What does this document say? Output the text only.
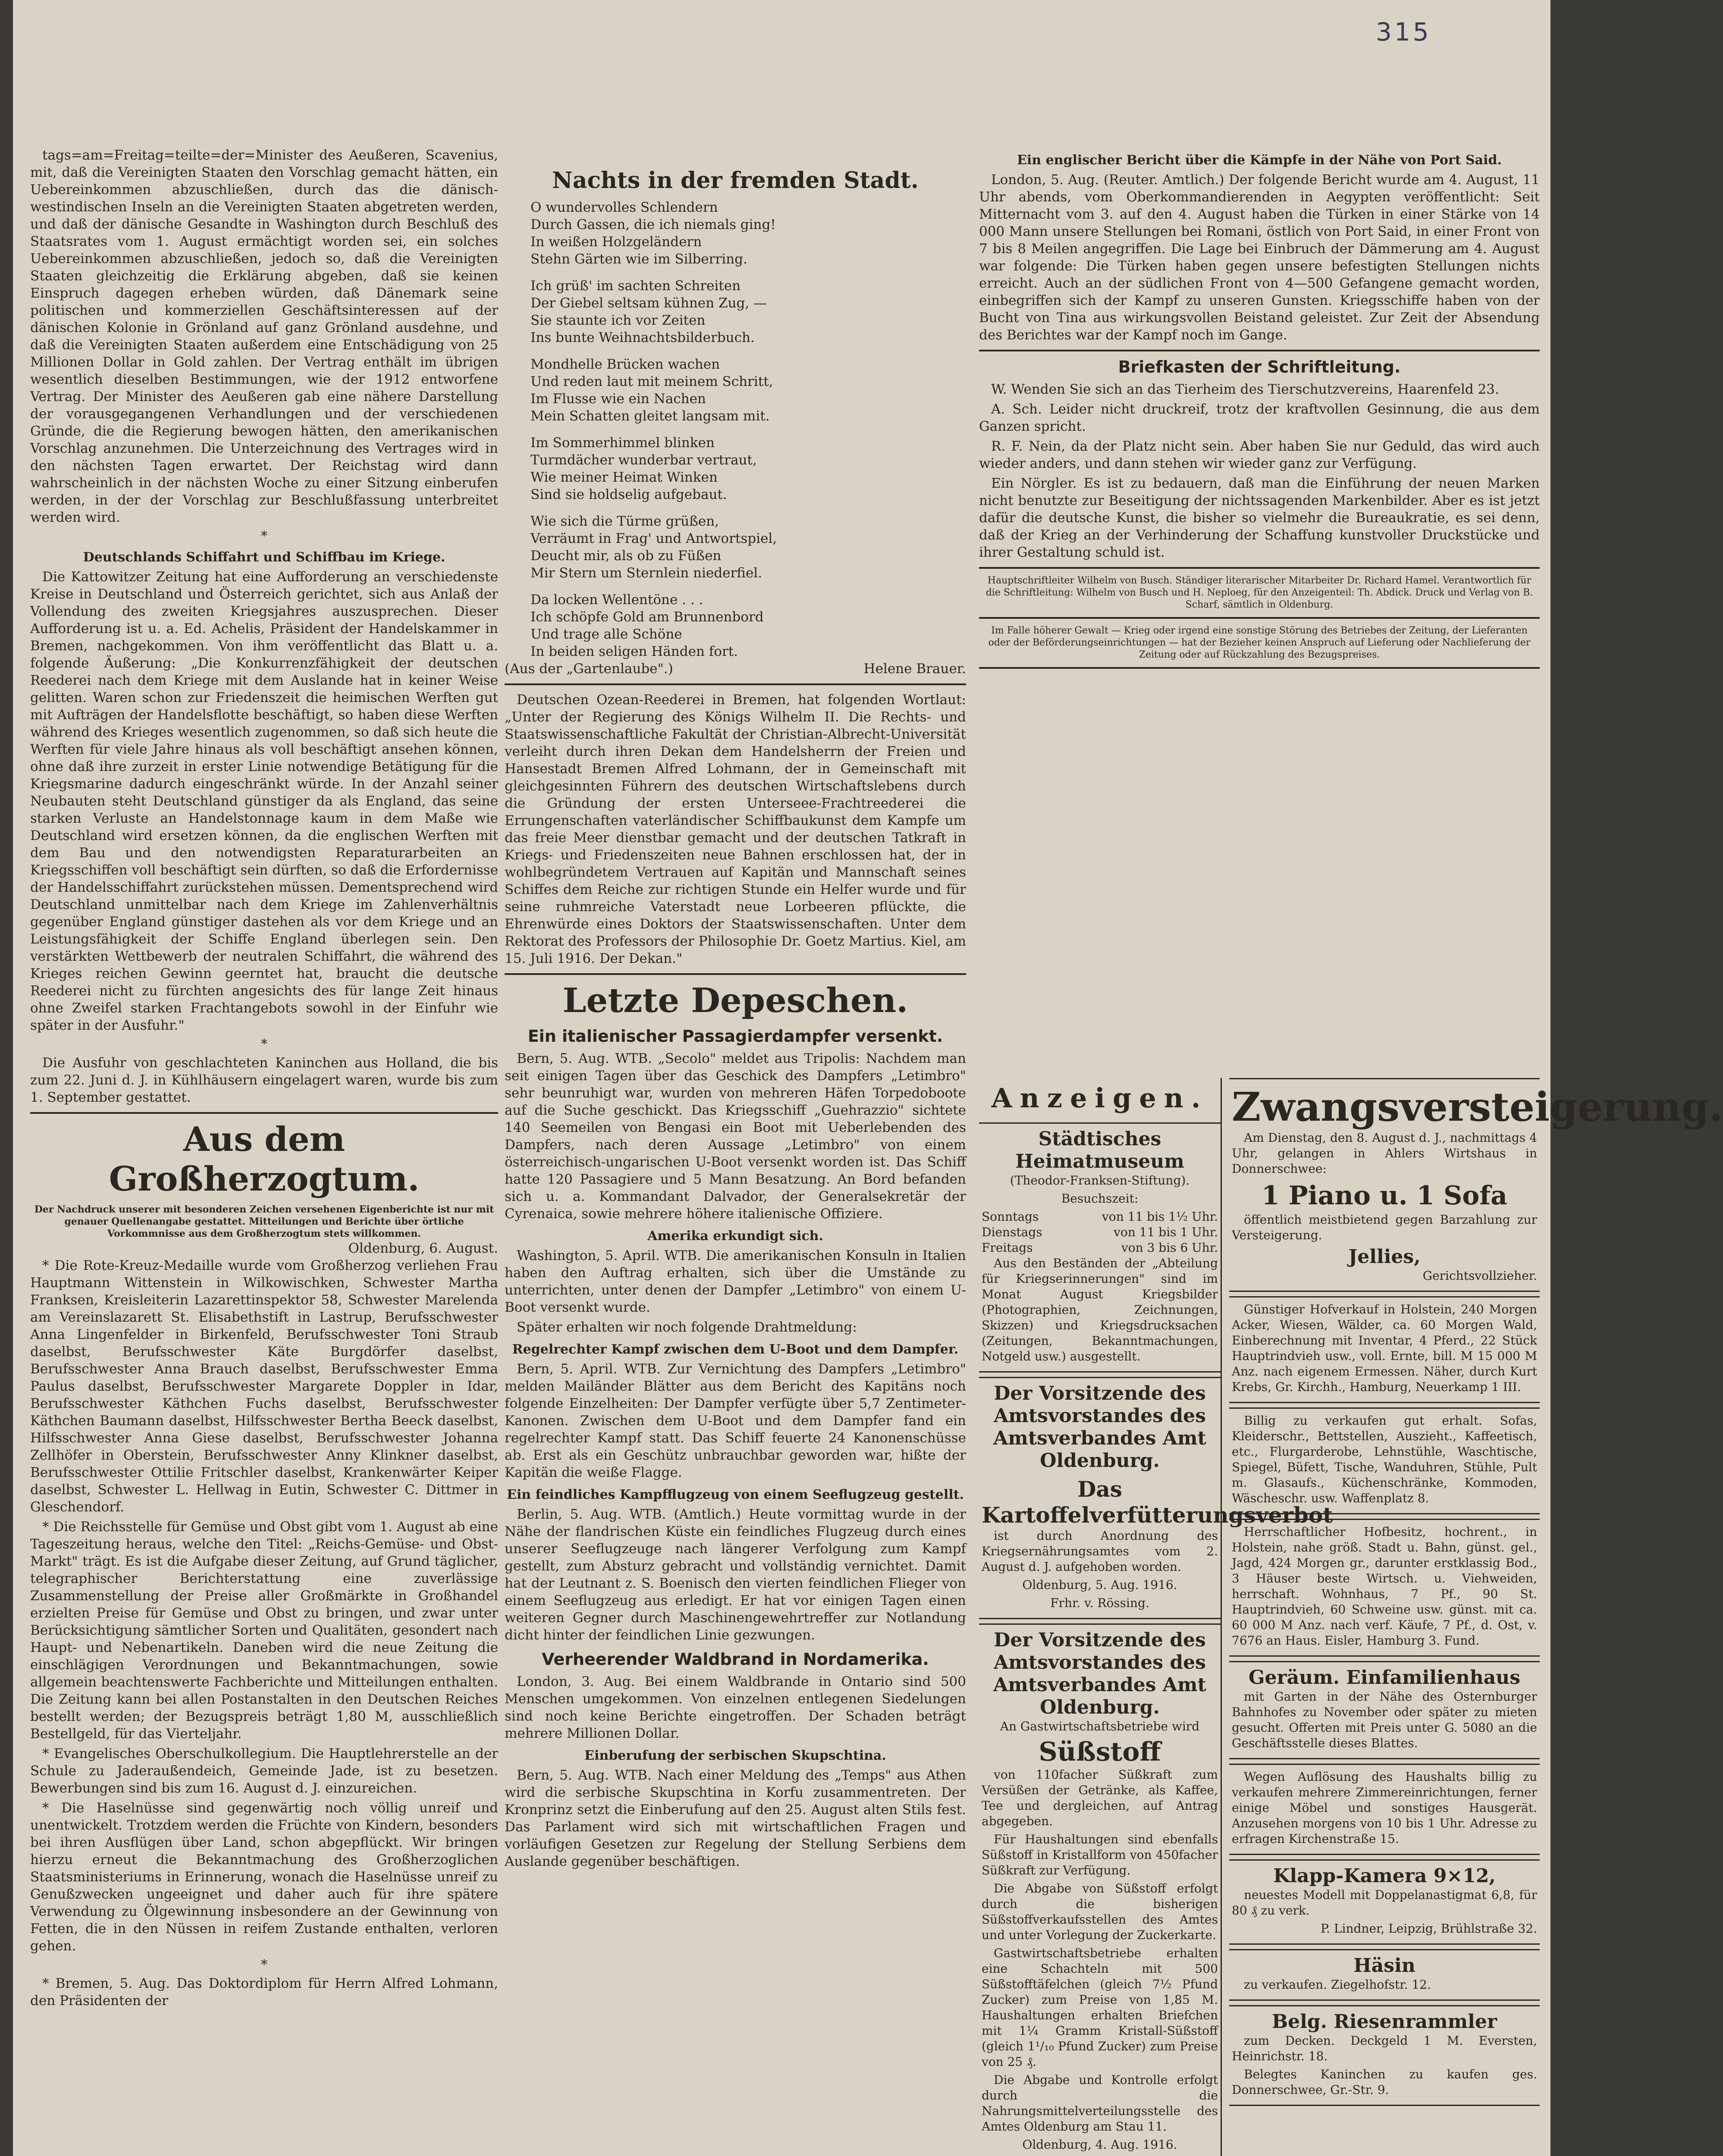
315

tags=am=Freitag=teilte=der=Minister des Aeußeren, Scavenius, mit, daß die Vereinigten Staaten den Vorschlag gemacht hätten, ein Uebereinkommen abzuschließen, durch das die dänisch-westindischen Inseln an die Vereinigten Staaten abgetreten werden, und daß der dänische Gesandte in Washington durch Beschluß des Staatsrates vom 1. August ermächtigt worden sei, ein solches Uebereinkommen abzuschließen, jedoch so, daß die Vereinigten Staaten gleichzeitig die Erklärung abgeben, daß sie keinen Einspruch dagegen erheben würden, daß Dänemark seine politischen und kommerziellen Geschäftsinteressen auf der dänischen Kolonie in Grönland auf ganz Grönland ausdehne, und daß die Vereinigten Staaten außerdem eine Entschädigung von 25 Millionen Dollar in Gold zahlen. Der Vertrag enthält im übrigen wesentlich dieselben Bestimmungen, wie der 1912 entworfene Vertrag. Der Minister des Aeußeren gab eine nähere Darstellung der vorausgegangenen Verhandlungen und der verschiedenen Gründe, die die Regierung bewogen hätten, den amerikanischen Vorschlag anzunehmen. Die Unterzeichnung des Vertrages wird in den nächsten Tagen erwartet. Der Reichstag wird dann wahrscheinlich in der nächsten Woche zu einer Sitzung einberufen werden, in der der Vorschlag zur Beschlußfassung unterbreitet werden wird.

*
Deutschlands Schiffahrt und Schiffbau im Kriege.

Die Kattowitzer Zeitung hat eine Aufforderung an verschiedenste Kreise in Deutschland und Österreich gerichtet, sich aus Anlaß der Vollendung des zweiten Kriegsjahres auszusprechen. Dieser Aufforderung ist u. a. Ed. Achelis, Präsident der Handelskammer in Bremen, nachgekommen. Von ihm veröffentlicht das Blatt u. a. folgende Äußerung: „Die Konkurrenzfähigkeit der deutschen Reederei nach dem Kriege mit dem Auslande hat in keiner Weise gelitten. Waren schon zur Friedenszeit die heimischen Werften gut mit Aufträgen der Handelsflotte beschäftigt, so haben diese Werften während des Krieges wesentlich zugenommen, so daß sich heute die Werften für viele Jahre hinaus als voll beschäftigt ansehen können, ohne daß ihre zurzeit in erster Linie notwendige Betätigung für die Kriegsmarine dadurch eingeschränkt würde. In der Anzahl seiner Neubauten steht Deutschland günstiger da als England, das seine starken Verluste an Handelstonnage kaum in dem Maße wie Deutschland wird ersetzen können, da die englischen Werften mit dem Bau und den notwendigsten Reparaturarbeiten an Kriegsschiffen voll beschäftigt sein dürften, so daß die Erfordernisse der Handelsschiffahrt zurückstehen müssen. Dementsprechend wird Deutschland unmittelbar nach dem Kriege im Zahlenverhältnis gegenüber England günstiger dastehen als vor dem Kriege und an Leistungsfähigkeit der Schiffe England überlegen sein. Den verstärkten Wettbewerb der neutralen Schiffahrt, die während des Krieges reichen Gewinn geerntet hat, braucht die deutsche Reederei nicht zu fürchten angesichts des für lange Zeit hinaus ohne Zweifel starken Frachtangebots sowohl in der Einfuhr wie später in der Ausfuhr."

*

Die Ausfuhr von geschlachteten Kaninchen aus Holland, die bis zum 22. Juni d. J. in Kühlhäusern eingelagert waren, wurde bis zum 1. September gestattet.

Aus dem Großherzogtum.
Der Nachdruck unserer mit besonderen Zeichen versehenen Eigenberichte ist nur mit genauer Quellenangabe gestattet. Mitteilungen und Berichte über örtliche Vorkommnisse aus dem Großherzogtum stets willkommen.
Oldenburg, 6. August.

* Die Rote-Kreuz-Medaille wurde vom Großherzog verliehen Frau Hauptmann Wittenstein in Wilkowischken, Schwester Martha Franksen, Kreisleiterin Lazarettinspektor 58, Schwester Marelenda am Vereinslazarett St. Elisabethstift in Lastrup, Berufsschwester Anna Lingenfelder in Birkenfeld, Berufsschwester Toni Straub daselbst, Berufsschwester Käte Burgdörfer daselbst, Berufsschwester Anna Brauch daselbst, Berufsschwester Emma Paulus daselbst, Berufsschwester Margarete Doppler in Idar, Berufsschwester Käthchen Fuchs daselbst, Berufsschwester Käthchen Baumann daselbst, Hilfsschwester Bertha Beeck daselbst, Hilfsschwester Anna Giese daselbst, Berufsschwester Johanna Zellhöfer in Oberstein, Berufsschwester Anny Klinkner daselbst, Berufsschwester Ottilie Fritschler daselbst, Krankenwärter Keiper daselbst, Schwester L. Hellwag in Eutin, Schwester C. Dittmer in Gleschendorf.

* Die Reichsstelle für Gemüse und Obst gibt vom 1. August ab eine Tageszeitung heraus, welche den Titel: „Reichs-Gemüse- und Obst-Markt" trägt. Es ist die Aufgabe dieser Zeitung, auf Grund täglicher, telegraphischer Berichterstattung eine zuverlässige Zusammenstellung der Preise aller Großmärkte in Großhandel erzielten Preise für Gemüse und Obst zu bringen, und zwar unter Berücksichtigung sämtlicher Sorten und Qualitäten, gesondert nach Haupt- und Nebenartikeln. Daneben wird die neue Zeitung die einschlägigen Verordnungen und Bekanntmachungen, sowie allgemein beachtenswerte Fachberichte und Mitteilungen enthalten. Die Zeitung kann bei allen Postanstalten in den Deutschen Reiches bestellt werden; der Bezugspreis beträgt 1,80 M, ausschließlich Bestellgeld, für das Vierteljahr.

* Evangelisches Oberschulkollegium. Die Hauptlehrerstelle an der Schule zu Jaderaußendeich, Gemeinde Jade, ist zu besetzen. Bewerbungen sind bis zum 16. August d. J. einzureichen.

* Die Haselnüsse sind gegenwärtig noch völlig unreif und unentwickelt. Trotzdem werden die Früchte von Kindern, besonders bei ihren Ausflügen über Land, schon abgepflückt. Wir bringen hierzu erneut die Bekanntmachung des Großherzoglichen Staatsministeriums in Erinnerung, wonach die Haselnüsse unreif zu Genußzwecken ungeeignet und daher auch für ihre spätere Verwendung zu Ölgewinnung insbesondere an der Gewinnung von Fetten, die in den Nüssen in reifem Zustande enthalten, verloren gehen.

*

* Bremen, 5. Aug. Das Doktordiplom für Herrn Alfred Lohmann, den Präsidenten der

Nachts in der fremden Stadt.
O wundervolles Schlendern
Durch Gassen, die ich niemals ging!
In weißen Holzgeländern
Stehn Gärten wie im Silberring.
Ich grüß' im sachten Schreiten
Der Giebel seltsam kühnen Zug, —
Sie staunte ich vor Zeiten
Ins bunte Weihnachtsbilderbuch.
Mondhelle Brücken wachen
Und reden laut mit meinem Schritt,
Im Flusse wie ein Nachen
Mein Schatten gleitet langsam mit.
Im Sommerhimmel blinken
Turmdächer wunderbar vertraut,
Wie meiner Heimat Winken
Sind sie holdselig aufgebaut.
Wie sich die Türme grüßen,
Verräumt in Frag' und Antwortspiel,
Deucht mir, als ob zu Füßen
Mir Stern um Sternlein niederfiel.
Da locken Wellentöne . . .
Ich schöpfe Gold am Brunnenbord
Und trage alle Schöne
In beiden seligen Händen fort.
(Aus der „Gartenlaube".)	Helene Brauer.

Deutschen Ozean-Reederei in Bremen, hat folgenden Wortlaut: „Unter der Regierung des Königs Wilhelm II. Die Rechts- und Staatswissenschaftliche Fakultät der Christian-Albrecht-Universität verleiht durch ihren Dekan dem Handelsherrn der Freien und Hansestadt Bremen Alfred Lohmann, der in Gemeinschaft mit gleichgesinnten Führern des deutschen Wirtschaftslebens durch die Gründung der ersten Unterseee-Frachtreederei die Errungenschaften vaterländischer Schiffbaukunst dem Kampfe um das freie Meer dienstbar gemacht und der deutschen Tatkraft in Kriegs- und Friedenszeiten neue Bahnen erschlossen hat, der in wohlbegründetem Vertrauen auf Kapitän und Mannschaft seines Schiffes dem Reiche zur richtigen Stunde ein Helfer wurde und für seine ruhmreiche Vaterstadt neue Lorbeeren pflückte, die Ehrenwürde eines Doktors der Staatswissenschaften. Unter dem Rektorat des Professors der Philosophie Dr. Goetz Martius. Kiel, am 15. Juli 1916. Der Dekan."

Letzte Depeschen.
Ein italienischer Passagierdampfer versenkt.

Bern, 5. Aug. WTB. „Secolo" meldet aus Tripolis: Nachdem man seit einigen Tagen über das Geschick des Dampfers „Letimbro" sehr beunruhigt war, wurden von mehreren Häfen Torpedoboote auf die Suche geschickt. Das Kriegsschiff „Guehrazzio" sichtete 140 Seemeilen von Bengasi ein Boot mit Ueberlebenden des Dampfers, nach deren Aussage „Letimbro" von einem österreichisch-ungarischen U-Boot versenkt worden ist. Das Schiff hatte 120 Passagiere und 5 Mann Besatzung. An Bord befanden sich u. a. Kommandant Dalvador, der Generalsekretär der Cyrenaica, sowie mehrere höhere italienische Offiziere.

Amerika erkundigt sich.

Washington, 5. April. WTB. Die amerikanischen Konsuln in Italien haben den Auftrag erhalten, sich über die Umstände zu unterrichten, unter denen der Dampfer „Letimbro" von einem U-Boot versenkt wurde.

Später erhalten wir noch folgende Drahtmeldung:

Regelrechter Kampf zwischen dem U-Boot und dem Dampfer.

Bern, 5. April. WTB. Zur Vernichtung des Dampfers „Letimbro" melden Mailänder Blätter aus dem Bericht des Kapitäns noch folgende Einzelheiten: Der Dampfer verfügte über 5,7 Zentimeter-Kanonen. Zwischen dem U-Boot und dem Dampfer fand ein regelrechter Kampf statt. Das Schiff feuerte 24 Kanonenschüsse ab. Erst als ein Geschütz unbrauchbar geworden war, hißte der Kapitän die weiße Flagge.

Ein feindliches Kampfflugzeug von einem Seeflugzeug gestellt.

Berlin, 5. Aug. WTB. (Amtlich.) Heute vormittag wurde in der Nähe der flandrischen Küste ein feindliches Flugzeug durch eines unserer Seeflugzeuge nach längerer Verfolgung zum Kampf gestellt, zum Absturz gebracht und vollständig vernichtet. Damit hat der Leutnant z. S. Boenisch den vierten feindlichen Flieger von einem Seeflugzeug aus erledigt. Er hat vor einigen Tagen einen weiteren Gegner durch Maschinengewehrtreffer zur Notlandung dicht hinter der feindlichen Linie gezwungen.

Verheerender Waldbrand in Nordamerika.

London, 3. Aug. Bei einem Waldbrande in Ontario sind 500 Menschen umgekommen. Von einzelnen entlegenen Siedelungen sind noch keine Berichte eingetroffen. Der Schaden beträgt mehrere Millionen Dollar.

Einberufung der serbischen Skupschtina.

Bern, 5. Aug. WTB. Nach einer Meldung des „Temps" aus Athen wird die serbische Skupschtina in Korfu zusammentreten. Der Kronprinz setzt die Einberufung auf den 25. August alten Stils fest. Das Parlament wird sich mit wirtschaftlichen Fragen und vorläufigen Gesetzen zur Regelung der Stellung Serbiens dem Auslande gegenüber beschäftigen.

Ein englischer Bericht über die Kämpfe in der Nähe von Port Said.

London, 5. Aug. (Reuter. Amtlich.) Der folgende Bericht wurde am 4. August, 11 Uhr abends, vom Oberkommandierenden in Aegypten veröffentlicht: Seit Mitternacht vom 3. auf den 4. August haben die Türken in einer Stärke von 14 000 Mann unsere Stellungen bei Romani, östlich von Port Said, in einer Front von 7 bis 8 Meilen angegriffen. Die Lage bei Einbruch der Dämmerung am 4. August war folgende: Die Türken haben gegen unsere befestigten Stellungen nichts erreicht. Auch an der südlichen Front von 4—500 Gefangene gemacht worden, einbegriffen sich der Kampf zu unseren Gunsten. Kriegsschiffe haben von der Bucht von Tina aus wirkungsvollen Beistand geleistet. Zur Zeit der Absendung des Berichtes war der Kampf noch im Gange.

Briefkasten der Schriftleitung.

W. Wenden Sie sich an das Tierheim des Tierschutzvereins, Haarenfeld 23.

A. Sch. Leider nicht druckreif, trotz der kraftvollen Gesinnung, die aus dem Ganzen spricht.

R. F. Nein, da der Platz nicht sein. Aber haben Sie nur Geduld, das wird auch wieder anders, und dann stehen wir wieder ganz zur Verfügung.

Ein Nörgler. Es ist zu bedauern, daß man die Einführung der neuen Marken nicht benutzte zur Beseitigung der nichtssagenden Markenbilder. Aber es ist jetzt dafür die deutsche Kunst, die bisher so vielmehr die Bureaukratie, es sei denn, daß der Krieg an der Verhinderung der Schaffung kunstvoller Druckstücke und ihrer Gestaltung schuld ist.

Hauptschriftleiter Wilhelm von Busch. Ständiger literarischer Mitarbeiter Dr. Richard Hamel. Verantwortlich für die Schriftleitung: Wilhelm von Busch und H. Neploeg, für den Anzeigenteil: Th. Abdick. Druck und Verlag von B. Scharf, sämtlich in Oldenburg.
Im Falle höherer Gewalt — Krieg oder irgend eine sonstige Störung des Betriebes der Zeitung, der Lieferanten oder der Beförderungseinrichtungen — hat der Bezieher keinen Anspruch auf Lieferung oder Nachlieferung der Zeitung oder auf Rückzahlung des Bezugspreises.
Anzeigen.
Städtisches Heimatmuseum

(Theodor-Franksen-Stiftung).

Besuchszeit:

Sonntags	von 11 bis 1½ Uhr.
Dienstags	von 11 bis 1 Uhr.
Freitags	von 3 bis 6 Uhr.

Aus den Beständen der „Abteilung für Kriegserinnerungen" sind im Monat August Kriegsbilder (Photographien, Zeichnungen, Skizzen) und Kriegsdrucksachen (Zeitungen, Bekanntmachungen, Notgeld usw.) ausgestellt.

Der Vorsitzende des Amtsvorstandes des Amtsverbandes Amt Oldenburg.
Das Kartoffelverfütterungsverbot

ist durch Anordnung des Kriegsernährungsamtes vom 2. August d. J. aufgehoben worden.

Oldenburg, 5. Aug. 1916.

Frhr. v. Rössing.

Der Vorsitzende des Amtsvorstandes des Amtsverbandes Amt Oldenburg.

An Gastwirtschaftsbetriebe wird

Süßstoff

von 110facher Süßkraft zum Versüßen der Getränke, als Kaffee, Tee und dergleichen, auf Antrag abgegeben.

Für Haushaltungen sind ebenfalls Süßstoff in Kristallform von 450facher Süßkraft zur Verfügung.

Die Abgabe von Süßstoff erfolgt durch die bisherigen Süßstoffverkaufsstellen des Amtes und unter Vorlegung der Zuckerkarte.

Gastwirtschaftsbetriebe erhalten eine Schachteln mit 500 Süßstofftäfelchen (gleich 7½ Pfund Zucker) zum Preise von 1,85 M. Haushaltungen erhalten Briefchen mit 1¼ Gramm Kristall-Süßstoff (gleich 1¹/₁₀ Pfund Zucker) zum Preise von 25 ₰.

Die Abgabe und Kontrolle erfolgt durch die Nahrungsmittelverteilungsstelle des Amtes Oldenburg am Stau 11.

Oldenburg, 4. Aug. 1916.

Zwangsversteigerung.

Am Dienstag, den 8. August d. J., nachmittags 4 Uhr, gelangen in Ahlers Wirtshaus in Donnerschwee:

1 Piano u. 1 Sofa

öffentlich meistbietend gegen Barzahlung zur Versteigerung.

Jellies,

Gerichtsvollzieher.

Günstiger Hofverkauf in Holstein, 240 Morgen Acker, Wiesen, Wälder, ca. 60 Morgen Wald, Einberechnung mit Inventar, 4 Pferd., 22 Stück Hauptrindvieh usw., voll. Ernte, bill. M 15 000 M Anz. nach eigenem Ermessen. Näher, durch Kurt Krebs, Gr. Kirchh., Hamburg, Neuerkamp 1 III.

Billig zu verkaufen gut erhalt. Sofas, Kleiderschr., Bettstellen, Auszieht., Kaffeetisch, etc., Flurgarderobe, Lehnstühle, Waschtische, Spiegel, Büfett, Tische, Wanduhren, Stühle, Pult m. Glasaufs., Küchenschränke, Kommoden, Wäscheschr. usw. Waffenplatz 8.

Herrschaftlicher Hofbesitz, hochrent., in Holstein, nahe größ. Stadt u. Bahn, günst. gel., Jagd, 424 Morgen gr., darunter erstklassig Bod., 3 Häuser beste Wirtsch. u. Viehweiden, herrschaft. Wohnhaus, 7 Pf., 90 St. Hauptrindvieh, 60 Schweine usw. günst. mit ca. 60 000 M Anz. nach verf. Käufe, 7 Pf., d. Ost, v. 7676 an Haus. Eisler, Hamburg 3. Fund.

Geräum. Einfamilienhaus

mit Garten in der Nähe des Osternburger Bahnhofes zu November oder später zu mieten gesucht. Offerten mit Preis unter G. 5080 an die Geschäftsstelle dieses Blattes.

Wegen Auflösung des Haushalts billig zu verkaufen mehrere Zimmereinrichtungen, ferner einige Möbel und sonstiges Hausgerät. Anzusehen morgens von 10 bis 1 Uhr. Adresse zu erfragen Kirchenstraße 15.

Klapp-Kamera 9×12,

neuestes Modell mit Doppelanastigmat 6,8, für 80 ₰ zu verk.

P. Lindner, Leipzig, Brühlstraße 32.

Häsin

zu verkaufen. Ziegelhofstr. 12.

Belg. Riesenrammler

zum Decken. Deckgeld 1 M. Eversten, Heinrichstr. 18.

Belegtes Kaninchen zu kaufen ges. Donnerschwee, Gr.-Str. 9.
